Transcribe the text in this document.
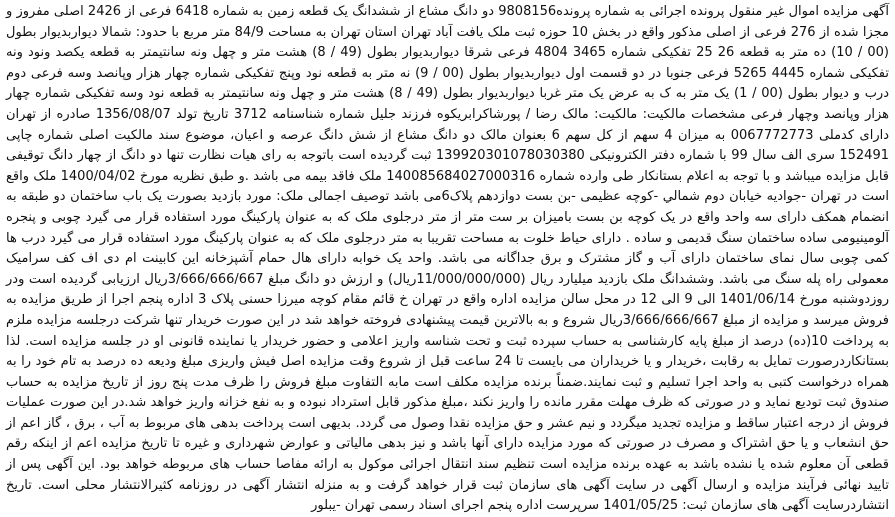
آگهی مزایده اموال غیر منقول پرونده اجرائی به شماره پرونده9808156 دو دانگ مشاع از ششدانگ یک قطعه زمین به شماره 6418 فرعی از 2426 اصلی مفروز و مجزا شده از 276 فرعی از اصلی مذکور واقع در بخش 10 حوزه ثبت ملک یافت آباد تهران استان تهران به مساحت 84/9 متر مربع با حدود: شمالا دیواربدیوار بطول (00 / 10) ده متر به قطعه 26 25 تفکیکی شماره 3465 4804 فرعی شرقا دیواربدیوار بطول (49 / 8) هشت متر و چهل ونه سانتیمتر به قطعه یکصد ونود ونه تفکیکی شماره 4445 5265 فرعی جنوبا در دو قسمت اول دیواربدیوار بطول (00 / 9) نه متر به قطعه نود وپنج تفکیکی شماره چهار هزار وپانصد وسه فرعی دوم درب و دیوار بطول (00 / 1) یک متر به ک به عرض یک متر غربا دیواربدیوار بطول (49 / 8) هشت متر و چهل ونه سانتیمتر به قطعه نود وسه تفکیکی شماره چهار هزار وپانصد وچهار فرعی مشخصات مالکیت: مالکیت: مالک رضا / پورشاکرابریکوه فرزند جلیل شماره شناسنامه 3712 تاریخ تولد 1356/08/07 صادره از تهران دارای کدملی 0067772773 به میزان 4 سهم از کل سهم 6 بعنوان مالک دو دانگ مشاع از شش دانگ عرصه و اعیان، موضوع سند مالکیت اصلی شماره چاپی 152491 سری الف سال 99 با شماره دفتر الکترونیکی 139920301078030380 ثبت گردیده است باتوجه به رای هیات نظارت تنها دو دانگ از چهار دانگ توقیفی قابل مزایده میباشد و با توجه به اعلام بستانکار طی وارده شماره 140085684027000316 ملک فاقد بیمه می باشد .و طبق نظریه مورخ 1400/04/02 ملک واقع است در تهران -جواديه خيابان دوم شمالي -کوچه عظیمی -بن بست دوازدهم پلاک6می باشد توصیف اجمالی ملک: مورد بازدید بصورت یک باب ساختمان دو طبقه به انضمام همکف دارای سه واحد واقع در یک کوچه بن بست بامیزان بر ست متر از متر درجلوی ملک که به عنوان پارکینگ مورد استفاده قرار می گیرد چوبی و پنجره آلومینیومی ساده ساختمان سنگ قدیمی و ساده . دارای حیاط خلوت به مساحت تقریبا به متر درجلوی ملک که به عنوان پارکینگ مورد استفاده قرار می گیرد درب ها کمی چوبی سال نمای ساختمان دارای آب و گاز مشترک و برق جداگانه می باشد. واحد یک خوابه دارای هال حمام آشپزخانه این کابینت ام دی اف کف سرامیک معمولی راه پله سنگ می باشد. وششدانگ ملک بازدید میلیارد ریال (11/000/000/000ریال) و ارزش دو دانگ مبلغ 3/666/666/667ریال ارزیابی گردیده است ودر روزدوشنبه مورخ 1401/06/14 الی 9 الی 12 در محل سالن مزایده اداره واقع در تهران خ قائم مقام کوچه میرزا حسنی پلاک 3 اداره پنجم اجرا از طریق مزایده به فروش میرسد و مزایده از مبلغ 3/666/666/667ریال شروع و به بالاترین قیمت پیشنهادی فروخته خواهد شد در این صورت خریدار تنها شرکت درجلسه مزایده ملزم به پرداخت 10(ده) درصد از مبلغ پایه کارشناسی به حساب سپرده ثبت و تحت شناسه واریز اعلامی و حضور خریدار یا نماینده قانونی او در جلسه مزایده است. لذا بستانکاردرصورت تمایل به رقابت ،خریدار و یا خریداران می بایست تا 24 ساعت قبل از شروع وقت مزایده اصل فیش واریزی مبلغ ودیعه ده درصد به تام خود را به همراه درخواست کتبی به واحد اجرا تسلیم و ثبت نمایند.ضمناً برنده مزایده مکلف است مابه التفاوت مبلغ فروش را ظرف مدت پنج روز از تاریخ مزایده به حساب صندوق ثبت توديع نمايد و در صورتی که ظرف مهلت مقرر مانده را واریز نکند ،مبلغ مذکور قابل استرداد نبوده و به نفع خزانه واریز خواهد شد.در این صورت عملیات فروش از درجه اعتبار ساقط و مزایده تجدید میگردد و نیم عشر و حق مزایده نقدا وصول می گردد. بدیهی است پرداخت بدهی های مربوط به آب ، برق ، گاز اعم از حق انشعاب و یا حق اشتراک و مصرف در صورتی که مورد مزایده دارای آنها باشد و نیز بدهی مالیاتی و عوارض شهرداری و غیره تا تاریخ مزایده اعم از اینکه رقم قطعی آن معلوم شده یا نشده باشد به عهده برنده مزایده است تنظیم سند انتقال اجرائی موکول به ارائه مفاصا حساب های مربوطه خواهد بود. این آگهی پس از تایید نهائی فرآیند مزایده و ارسال آگهی در سایت آگهی های سازمان ثبت قرار خواهد گرفت و به منزله انتشار آگهی در روزنامه کثیرالانتشار محلی است. تاریخ انتشاردرسایت آگهی های سازمان ثبت: 1401/05/25 سرپرست اداره پنجم اجرای اسناد رسمی تهران -یبلور
